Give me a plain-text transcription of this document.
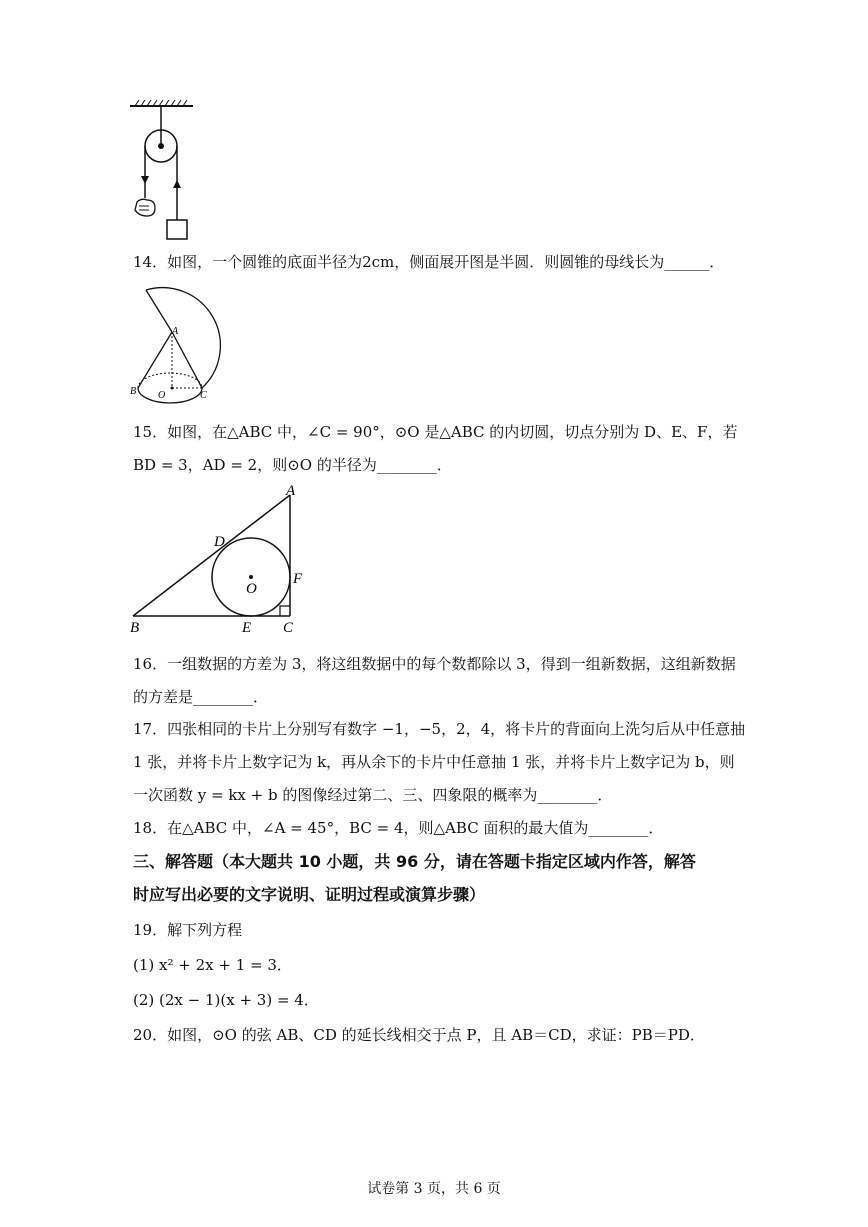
14．如图，一个圆锥的底面半径为2cm，侧面展开图是半圆．则圆锥的母线长为______．
A
B O	C
15．如图，在△ABC 中，∠C = 90°，⊙O 是△ABC 的内切圆，切点分别为 D、E、F，若
BD = 3，AD = 2，则⊙O 的半径为________．
A
B	C
D
E
F
O
16．一组数据的方差为 3，将这组数据中的每个数都除以 3，得到一组新数据，这组新数据
的方差是________．
17．四张相同的卡片上分别写有数字 −1，−5，2，4，将卡片的背面向上洗匀后从中任意抽
1 张，并将卡片上数字记为 k，再从余下的卡片中任意抽 1 张，并将卡片上数字记为 b，则
一次函数 y = kx + b 的图像经过第二、三、四象限的概率为________．
18．在△ABC 中，∠A = 45°，BC = 4，则△ABC 面积的最大值为________．
三、解答题（本大题共 10 小题，共 96 分，请在答题卡指定区域内作答，解答
时应写出必要的文字说明、证明过程或演算步骤）
19．解下列方程
(1) x² + 2x + 1 = 3．
(2) (2x − 1)(x + 3) = 4．
20．如图，⊙O 的弦 AB、CD 的延长线相交于点 P，且 AB＝CD，求证：PB＝PD．
试卷第 3 页，共 6 页
